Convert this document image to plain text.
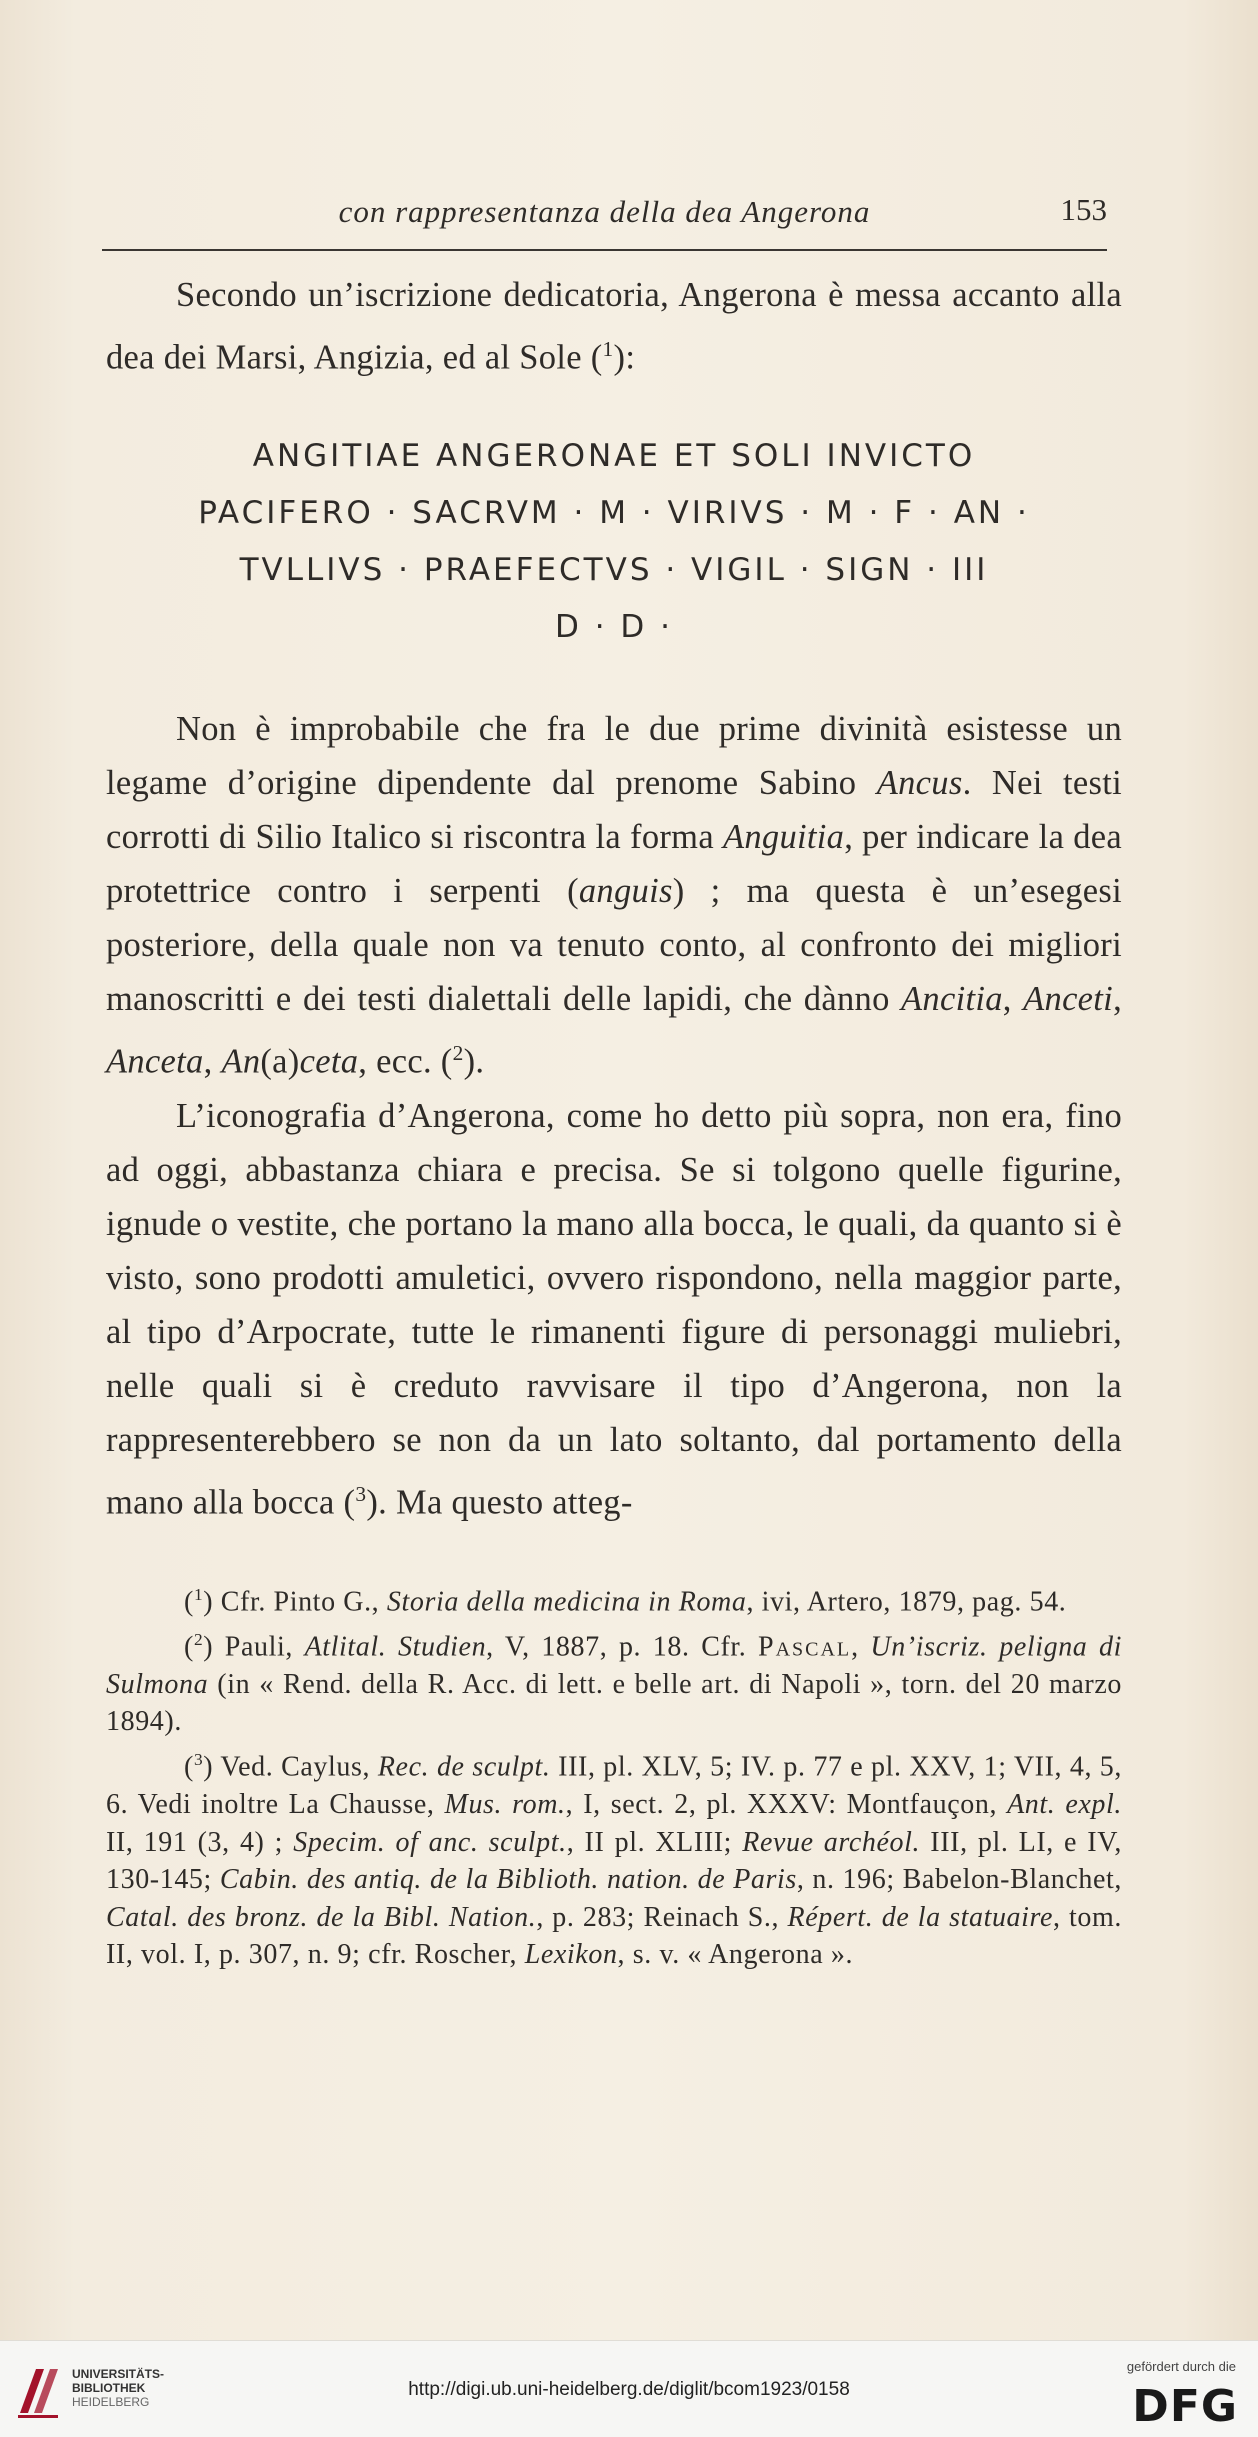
con rappresentanza della dea Angerona	153

Secondo un’iscrizione dedicatoria, Angerona è messa accanto alla dea dei Marsi, Angizia, ed al Sole ($^1$):

ANGITIAE ANGERONAE ET SOLI INVICTO
PACIFERO · SACRVM · M · VIRIVS · M · F · AN ·
TVLLIVS · PRAEFECTVS · VIGIL · SIGN · III
D · D ·

Non è improbabile che fra le due prime divinità esistesse un legame d’origine dipendente dal prenome Sabino Ancus. Nei testi corrotti di Silio Italico si riscontra la forma Anguitia, per indicare la dea protettrice contro i serpenti (anguis) ; ma questa è un’esegesi posteriore, della quale non va tenuto conto, al confronto dei migliori manoscritti e dei testi dialettali delle lapidi, che dànno Ancitia, Anceti, Anceta, An(a)ceta, ecc. ($^2$).

L’iconografia d’Angerona, come ho detto più sopra, non era, fino ad oggi, abbastanza chiara e precisa. Se si tolgono quelle figurine, ignude o vestite, che portano la mano alla bocca, le quali, da quanto si è visto, sono prodotti amuletici, ovvero rispondono, nella maggior parte, al tipo d’Arpocrate, tutte le rimanenti figure di personaggi muliebri, nelle quali si è creduto ravvisare il tipo d’Angerona, non la rappresenterebbero se non da un lato soltanto, dal portamento della mano alla bocca ($^3$). Ma questo atteg-

($^1$) Cfr. Pinto G., Storia della medicina in Roma, ivi, Artero, 1879, pag. 54.

($^2$) Pauli, Atlital. Studien, V, 1887, p. 18. Cfr. Pascal, Un’iscriz. peligna di Sulmona (in « Rend. della R. Acc. di lett. e belle art. di Napoli », torn. del 20 marzo 1894).

($^3$) Ved. Caylus, Rec. de sculpt. III, pl. XLV, 5; IV. p. 77 e pl. XXV, 1; VII, 4, 5, 6. Vedi inoltre La Chausse, Mus. rom., I, sect. 2, pl. XXXV: Montfauçon, Ant. expl. II, 191 (3, 4) ; Specim. of anc. sculpt., II pl. XLIII; Revue archéol. III, pl. LI, e IV, 130-145; Cabin. des antiq. de la Biblioth. nation. de Paris, n. 196; Babelon-Blanchet, Catal. des bronz. de la Bibl. Nation., p. 283; Reinach S., Répert. de la statuaire, tom. II, vol. I, p. 307, n. 9; cfr. Roscher, Lexikon, s. v. « Angerona ».

UNIVERSITÄTS-
BIBLIOTHEK
HEIDELBERG
http://digi.ub.uni-heidelberg.de/diglit/bcom1923/0158
gefördert durch die
DFG
